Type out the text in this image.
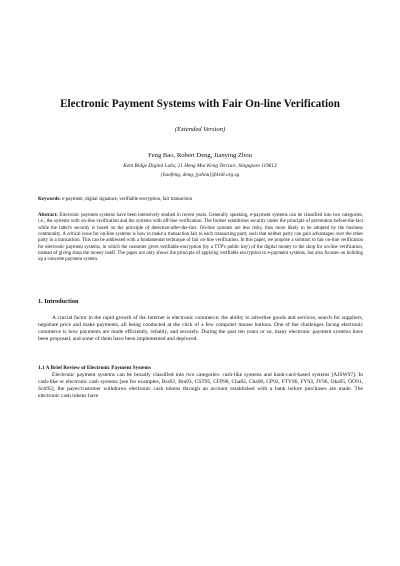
Electronic Payment Systems with Fair On-line Verification
(Extended Version)
Feng Bao, Robert Deng, Jianying Zhou
Kent Ridge Digital Labs, 21 Heng Mui Keng Terrace, Singapore 119613
{baofeng, deng, jyzhou}@krdl.org.sg
Keywords: e-payment, digital signature, verifiable encryption, fair transaction
Abstract: Electronic payment systems have been intensively studied in recent years. Generally speaking, e-payment systems can be classified into two categories, i.e., the systems with on-line verification and the systems with off-line verification. The former establishes security under the principle of prevention-before-the-fact while the latter's security is based on the principle of detection-after-the-fact. On-line systems are less risky, thus more likely to be adopted by the business community. A critical issue for on-line systems is how to make a transaction fair to each transacting party such that neither party can gain advantages over the other party in a transaction. This can be addressed with a fundamental technique of fair on-line verification. In this paper, we propose a solution to fair on-line verification for electronic payment systems, in which the customer gives verifiable encryption (by a TTP's public key) of the digital money to the shop for on-line verification, instead of giving shop the money itself. The paper not only shows the principle of applying verifiable encryption to e-payment systems, but also focuses on building up a concrete payment system.
1. Introduction

A crucial factor in the rapid growth of the Internet is electronic commerce: the ability to advertise goods and services, search for suppliers, negotiate price and make payments, all being conducted at the click of a few computer mouse buttons. One of the challenges facing electronic commerce is how payments are made efficiently, reliably, and securely. During the past ten years or so, many electronic payment systems have been proposed, and some of them have been implemented and deployed.

1.1 A Brief Review of Electronic Payment Systems

Electronic payment systems can be broadly classified into two categories: cash-like systems and bank-card-based systems [AJSW97]. In cash-like or electronic cash systems [see for examples, Bra92, Bra93, CST95, CFP98, Cha82, Cha90, CP92, FTY96, FY93, JY96, Oka95, OO91, Sch95], the payer/customer withdraws electronic cash tokens through an account established with a bank before purchases are made. The electronic cash tokens have
